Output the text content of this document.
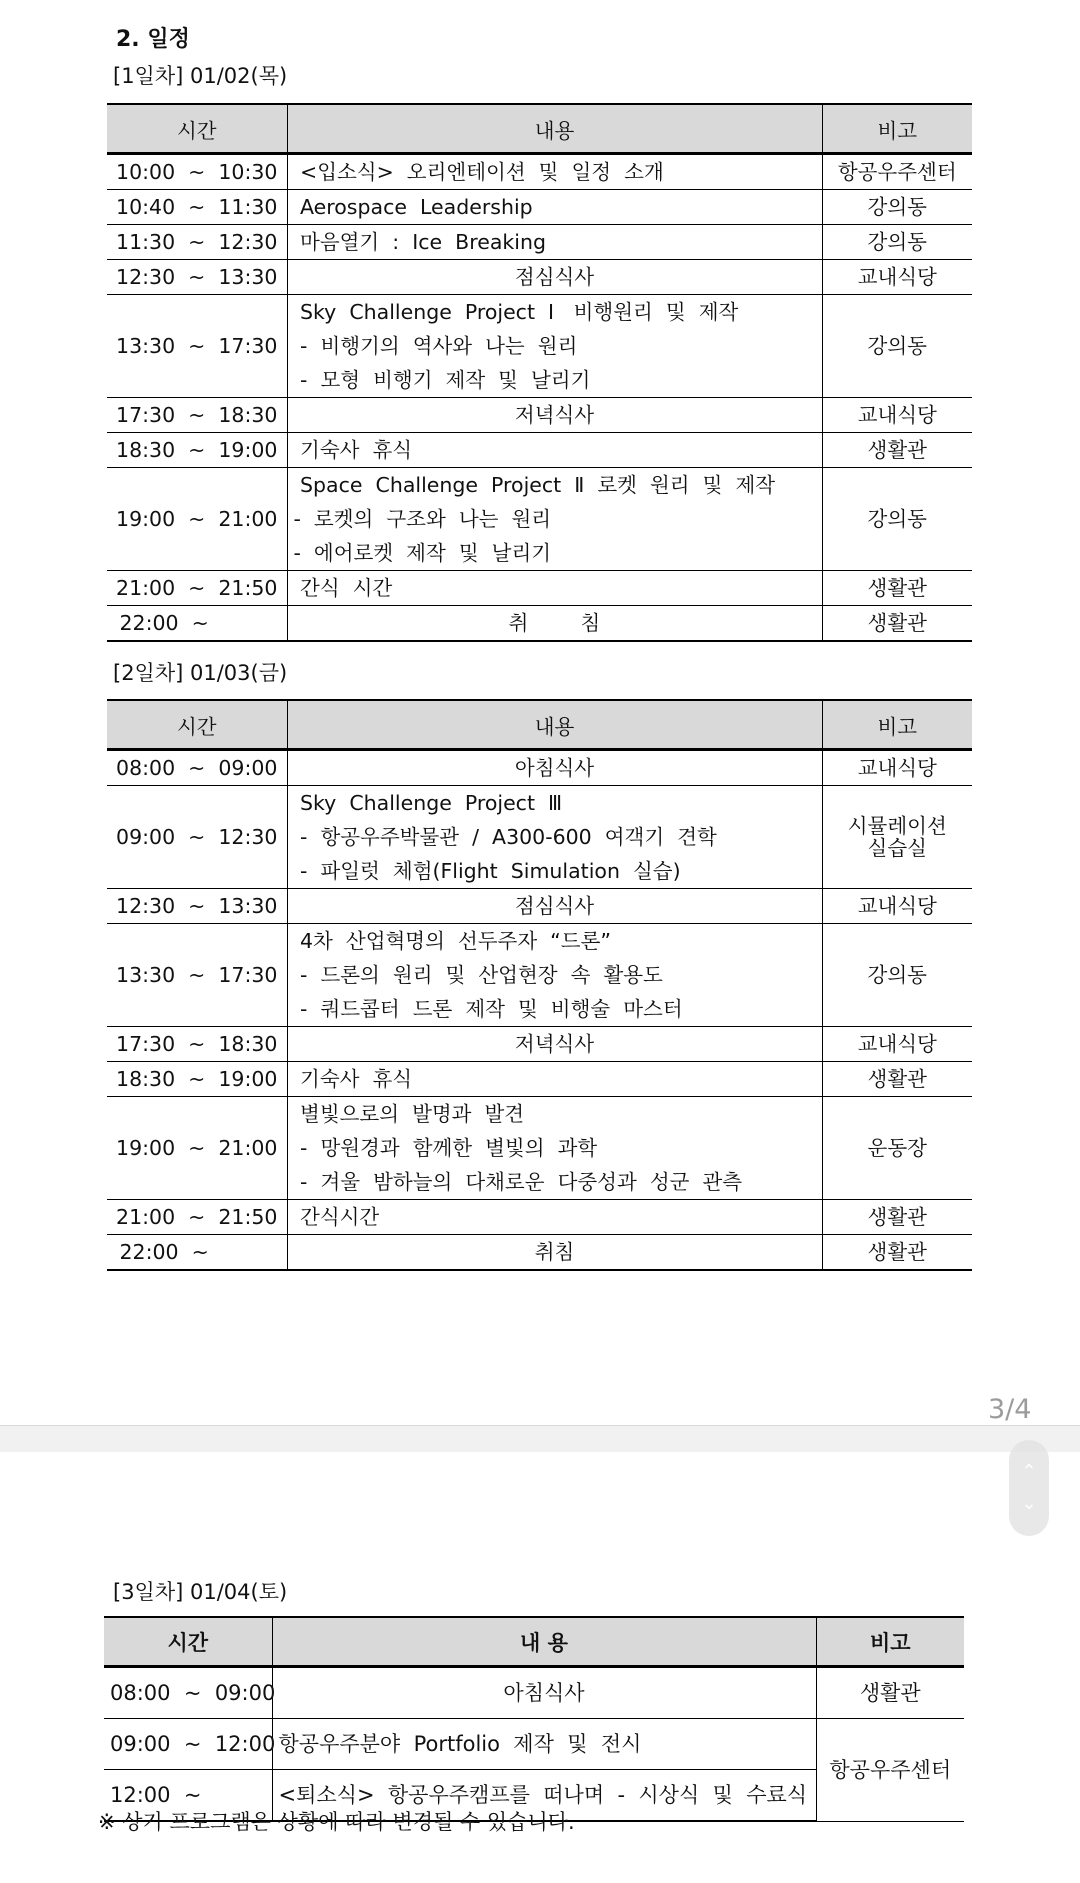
2. 일정
[1일차] 01/02(목)
시간	내용	비고
10:00  ~  10:30	<입소식>  오리엔테이션  및  일정  소개	항공우주센터

10:40  ~  11:30	Aerospace  Leadership	강의동

11:30  ~  12:30	마음열기  :  Ice  Breaking	강의동

12:30  ~  13:30	점심식사	교내식당

13:30  ~  17:30	Sky  Challenge  Project  Ⅰ   비행원리  및  제작
-  비행기의  역사와  나는  원리
-  모형  비행기  제작  및  날리기	강의동

17:30  ~  18:30	저녁식사	교내식당

18:30  ~  19:00	기숙사  휴식	생활관

19:00  ~  21:00	Space  Challenge  Project  Ⅱ  로켓  원리  및  제작
-  로켓의  구조와  나는  원리
-  에어로켓  제작  및  날리기	강의동

21:00  ~  21:50	간식  시간	생활관

22:00  ~	취        침	생활관
[2일차] 01/03(금)
시간	내용	비고
08:00  ~  09:00	아침식사	교내식당

09:00  ~  12:30	Sky  Challenge  Project  Ⅲ
-  항공우주박물관  /  A300-600  여객기  견학
-  파일럿  체험(Flight  Simulation  실습)	시뮬레이션
실습실

12:30  ~  13:30	점심식사	교내식당

13:30  ~  17:30	4차  산업혁명의  선두주자  “드론”
-  드론의  원리  및  산업현장  속  활용도
-  쿼드콥터  드론  제작  및  비행술  마스터	강의동

17:30  ~  18:30	저녁식사	교내식당

18:30  ~  19:00	기숙사  휴식	생활관

19:00  ~  21:00	별빛으로의  발명과  발견
-  망원경과  함께한  별빛의  과학
-  겨울  밤하늘의  다채로운  다중성과  성군  관측	운동장

21:00  ~  21:50	간식시간	생활관

22:00  ~	취침	생활관
3/4
⌃
⌄
[3일차] 01/04(토)
시간	내 용	비고
08:00  ~  09:00	아침식사	생활관

09:00  ~  12:00	항공우주분야  Portfolio  제작  및  전시	항공우주센터

12:00  ~	<퇴소식>  항공우주캠프를  떠나며  -  시상식  및  수료식	
※ 상기 프로그램은 상황에 따라 변경될 수 있습니다.
